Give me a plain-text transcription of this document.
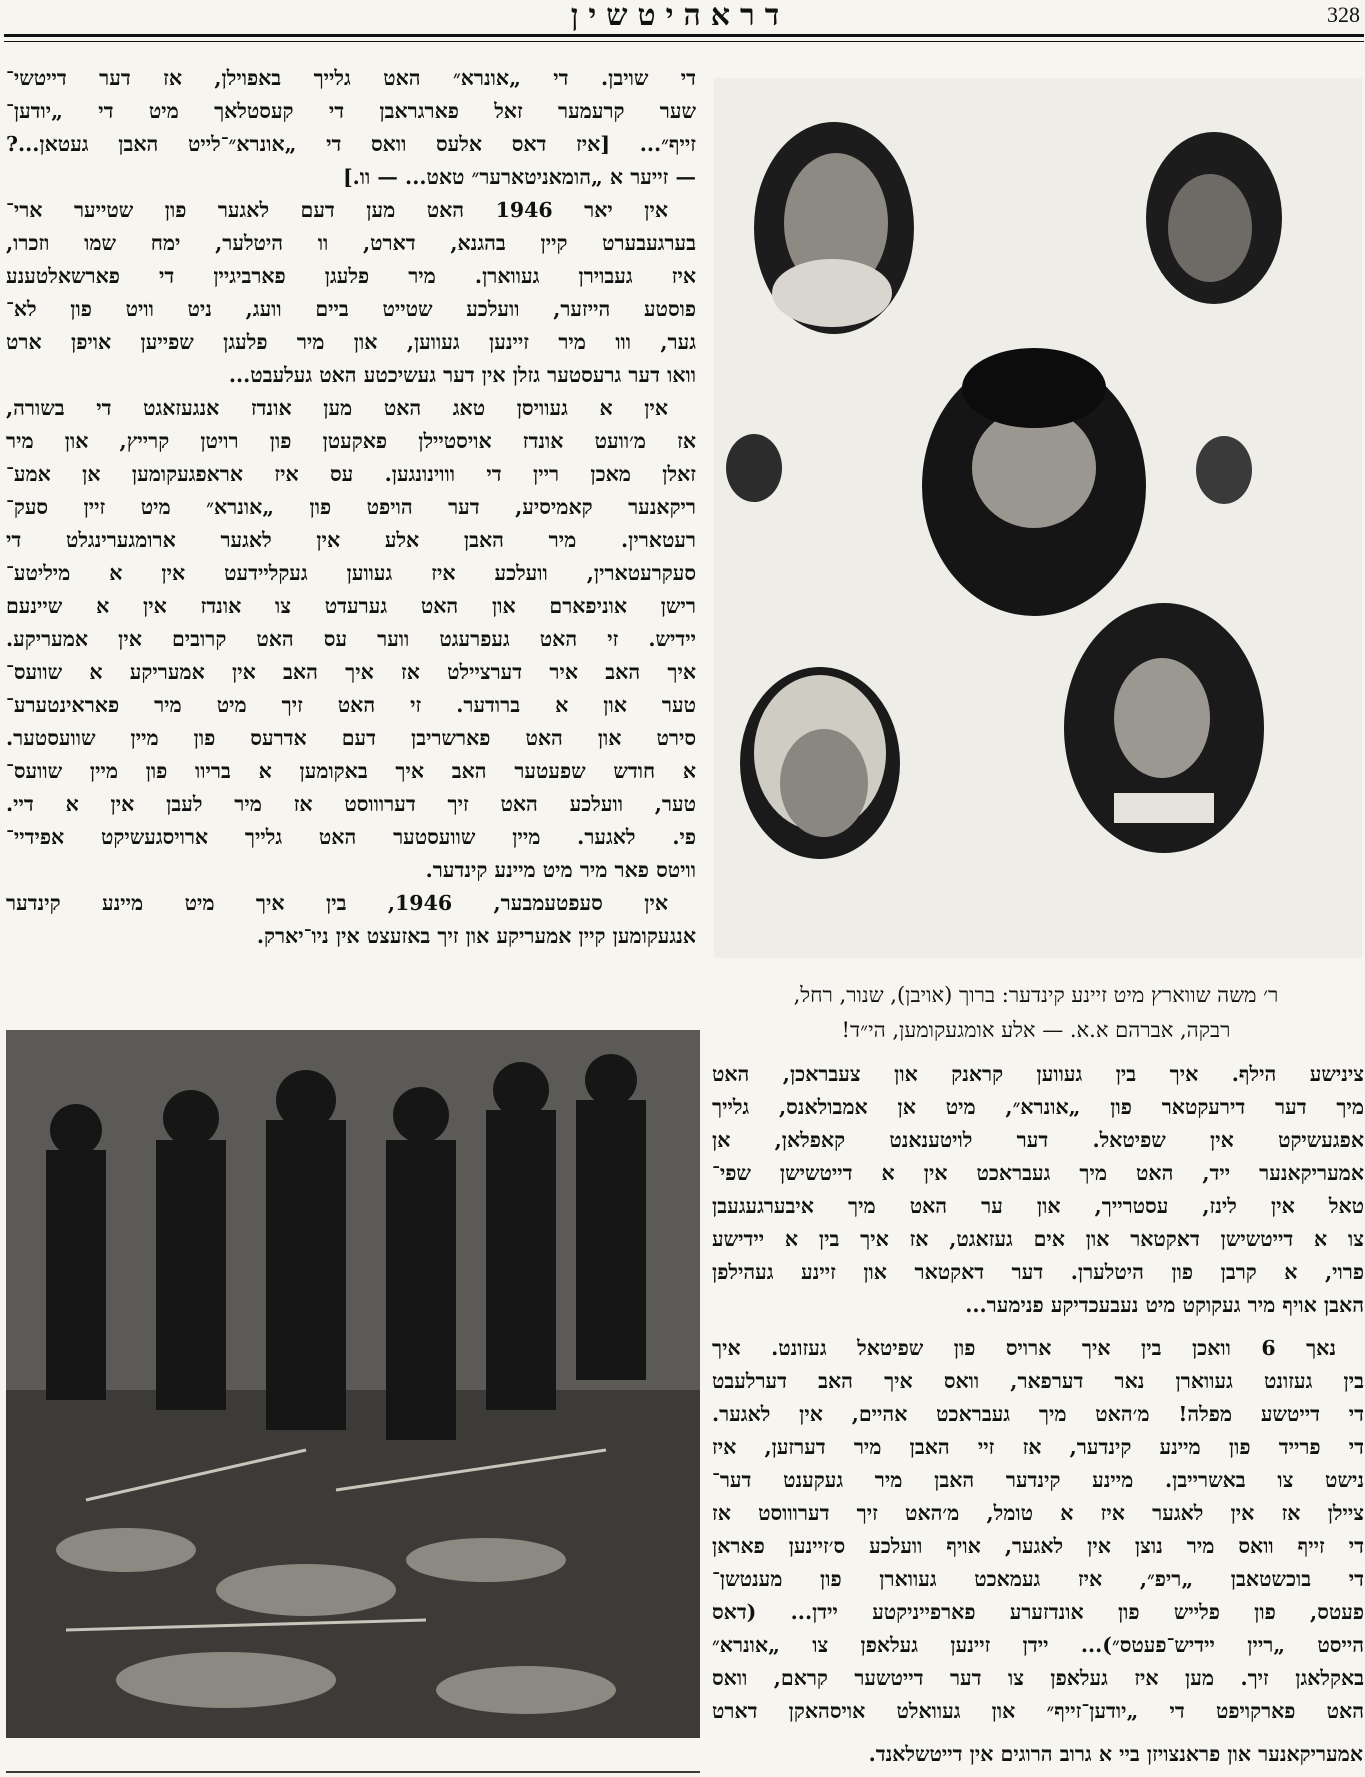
328
דראהיטשין
די שויבן. די „אונרא״ האט גלייך באפוילן, אז דער דייטשי־
שער קרעמער זאל פארגראבן די קעסטלאך מיט די „יודען־
זייף״... [איז דאס אלעס וואס די „אונרא״־לייט האבן געטאן...?
— זייער א „הומאניטארער״ טאט... — וו.]
אין יאר 1946 האט מען דעם לאגער פון שטייער ארי־
בערגעבערט קיין בהגנא, דארט, וו היטלער, ימח שמו וזכרו,
איז געבוירן געווארן. מיר פלעגן פארביגיין די פארשאלטענע
פוסטע הייזער, וועלכע שטייט ביים וועג, ניט וויט פון לא־
גער, ווו מיר זיינען געווען, און מיר פלעגן שפייען אויפן ארט
וואו דער גרעסטער גזלן אין דער געשיכטע האט געלעבט...
אין א געוויסן טאג האט מען אונדז אנגעזאגט די בשורה,
אז מ׳וועט אונדז אויסטיילן פאקעטן פון רויטן קרייץ, און מיר
זאלן מאכן ריין די וווינונגען. עס איז אראפגעקומען אן אמע־
ריקאנער קאמיסיע, דער הויפט פון „אונרא״ מיט זיין סעק־
רעטארין. מיר האבן אלע אין לאגער ארומגערינגלט די
סעקרעטארין, וועלכע איז געווען געקליידעט אין א מיליטע־
רישן אוניפארם און האט גערעדט צו אונדז אין א שיינעם
יידיש. זי האט געפרעגט ווער עס האט קרובים אין אמעריקע.
איך האב איר דערציילט אז איך האב אין אמעריקע א שוועס־
טער און א ברודער. זי האט זיך מיט מיר פאראינטערע־
סירט און האט פארשריבן דעם אדרעס פון מיין שוועסטער.
א חודש שפעטער האב איך באקומען א בריוו פון מיין שוועס־
טער, וועלכע האט זיך דערוווסט אז מיר לעבן אין א דיי.
פי. לאגער. מיין שוועסטער האט גלייך ארויסגעשיקט אפידיי־
וויטס פאר מיר מיט מיינע קינדער.
אין סעפטעמבער, 1946, בין איך מיט מיינע קינדער
אנגעקומען קיין אמעריקע און זיך באזעצט אין ניו־יארק.
ר׳ משה שווארץ מיט זיינע קינדער: ברוך (אויבן), שנור, רחל,
רבקה, אברהם א.א. — אלע אומגעקומען, הי״ד!
ציניש‌ע הילף. איך בין געווען קראנק און צעבראכן, האט
מיך דער דירעקטאר פון „אונרא״, מיט אן אמבולאנס, גלייך
אפגעשיקט אין שפיטאל. דער לויטענאנט קאפלאן, אן
אמעריקאנער ייד, האט מיך געבראכט אין א דייטשישן שפי־
טאל אין לינז, עסטרייך, און ער האט מיך איבערגעגעבן
צו א דייטשישן דאקטאר און אים געזאגט, אז איך בין א יידישע
פרוי, א קרבן פון היטלערן. דער דאקטאר און זיינע געהילפן
האבן אויף מיר געקוקט מיט נעבעכדיקע פנימער...
נאך 6 וואכן בין איך ארויס פון שפיטאל געזונט. איך
בין געזונט געווארן נאר דערפאר, וואס איך האב דערלעבט
די דייטשע מפלה! מ׳האט מיך געבראכט אהיים, אין לאגער.
די פרייד פון מיינע קינדער, אז זיי האבן מיר דערזען, איז
נישט צו באשרייבן. מיינע קינדער האבן מיר געקענט דער־
ציילן אז אין לאגער איז א טומל, מ׳האט זיך דערוווסט אז
די זייף וואס מיר נוצן אין לאגער, אויף וועלכע ס׳זיינען פאראן
די בוכשטאבן „ריפ״, איז געמאכט געווארן פון מענטשן־
פעטס, פון פלייש פון אונדזערע פארפייניקטע יידן... (דאס
הייסט „ריין יידיש־פעטס״)... יידן זיינען געלאפן צו „אונרא״
באקלאגן זיך. מען איז געלאפן צו דער דייטשער קראם, וואס
האט פארקויפט די „יודען־זייף״ און געוואלט אויסהאקן דארט
אמעריקאנער און פראנצויזן ביי א גרוב הרוגים אין דייטשלאנד.
